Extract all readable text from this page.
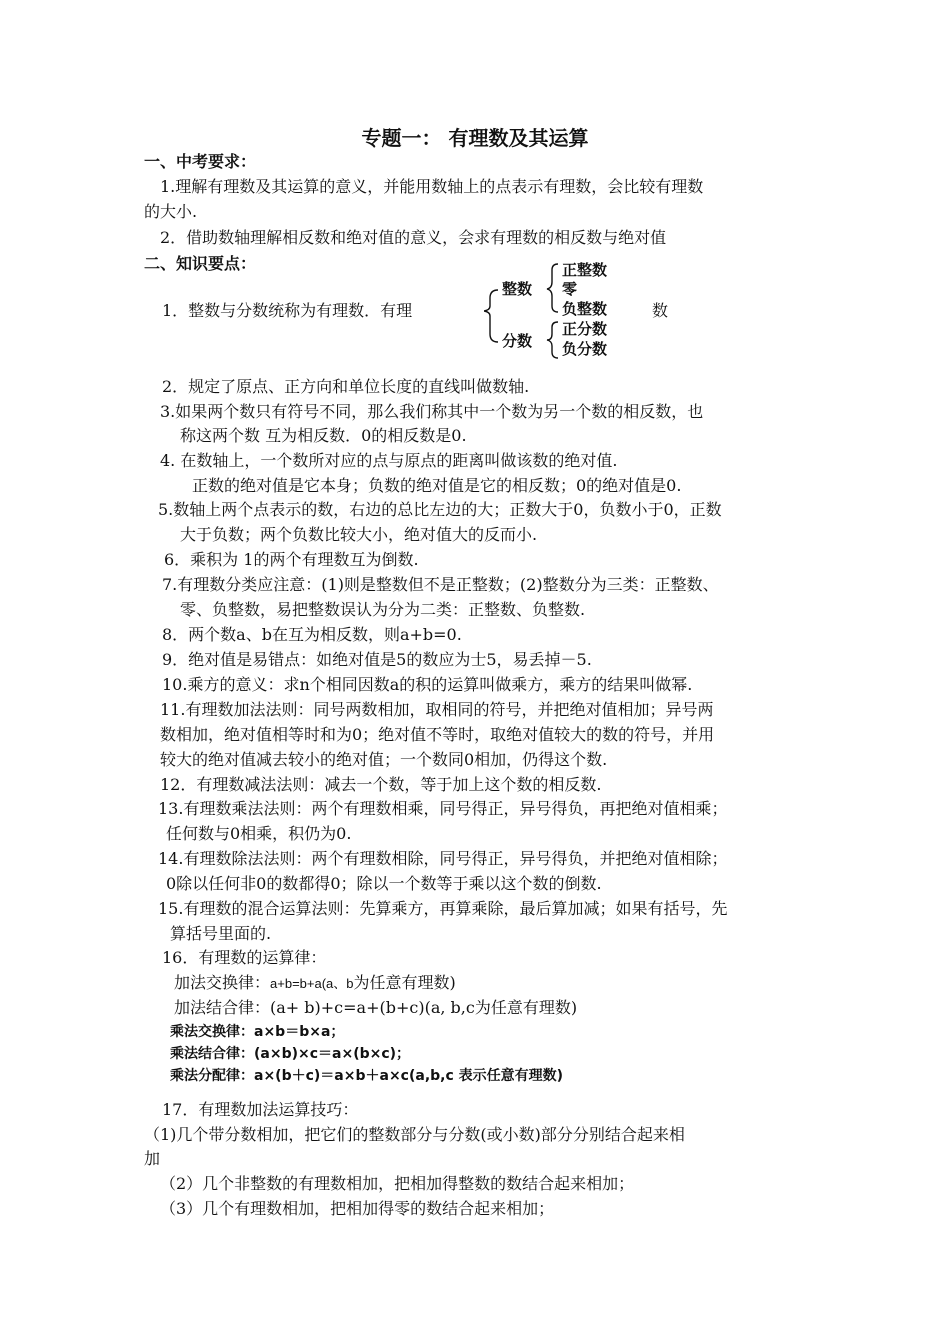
专题一： 有理数及其运算
一、中考要求：
1.理解有理数及其运算的意义，并能用数轴上的点表示有理数，会比较有理数
的大小.
2．借助数轴理解相反数和绝对值的意义，会求有理数的相反数与绝对值
二、知识要点：
1．整数与分数统称为有理数．有理
整数
正整数
零
负整数
分数
正分数
负分数
数
2．规定了原点、正方向和单位长度的直线叫做数轴.
3.如果两个数只有符号不同，那么我们称其中一个数为另一个数的相反数，也
称这两个数 互为相反数．0的相反数是0.
4. 在数轴上，一个数所对应的点与原点的距离叫做该数的绝对值.
正数的绝对值是它本身；负数的绝对值是它的相反数；0的绝对值是0.
5.数轴上两个点表示的数，右边的总比左边的大；正数大于0，负数小于0，正数
大于负数；两个负数比较大小，绝对值大的反而小.
6．乘积为 1的两个有理数互为倒数.
7.有理数分类应注意：(1)则是整数但不是正整数；(2)整数分为三类：正整数、
零、负整数，易把整数误认为分为二类：正整数、负整数.
8．两个数a、b在互为相反数，则a+b=0.
9．绝对值是易错点：如绝对值是5的数应为士5，易丢掉－5.
10.乘方的意义：求n个相同因数a的积的运算叫做乘方，乘方的结果叫做幂.
11.有理数加法法则：同号两数相加，取相同的符号，并把绝对值相加；异号两
数相加，绝对值相等时和为0；绝对值不等时，取绝对值较大的数的符号，并用
较大的绝对值减去较小的绝对值；一个数同0相加，仍得这个数.
12．有理数减法法则：减去一个数，等于加上这个数的相反数.
13.有理数乘法法则：两个有理数相乘，同号得正，异号得负，再把绝对值相乘；
任何数与0相乘，积仍为0.
14.有理数除法法则：两个有理数相除，同号得正，异号得负，并把绝对值相除；
0除以任何非0的数都得0；除以一个数等于乘以这个数的倒数.
15.有理数的混合运算法则：先算乘方，再算乘除，最后算加减；如果有括号，先
算括号里面的.
16．有理数的运算律：
加法交换律：a+b=b+a(a、b为任意有理数)
加法结合律：(a+ b)+c=a+(b+c)(a, b,c为任意有理数)
乘法交换律：a×b＝b×a；
乘法结合律：(a×b)×c＝a×(b×c)；
乘法分配律：a×(b＋c)＝a×b＋a×c(a,b,c 表示任意有理数)
17．有理数加法运算技巧：
（1)几个带分数相加，把它们的整数部分与分数(或小数)部分分别结合起来相
加
（2）几个非整数的有理数相加，把相加得整数的数结合起来相加；
（3）几个有理数相加，把相加得零的数结合起来相加；
